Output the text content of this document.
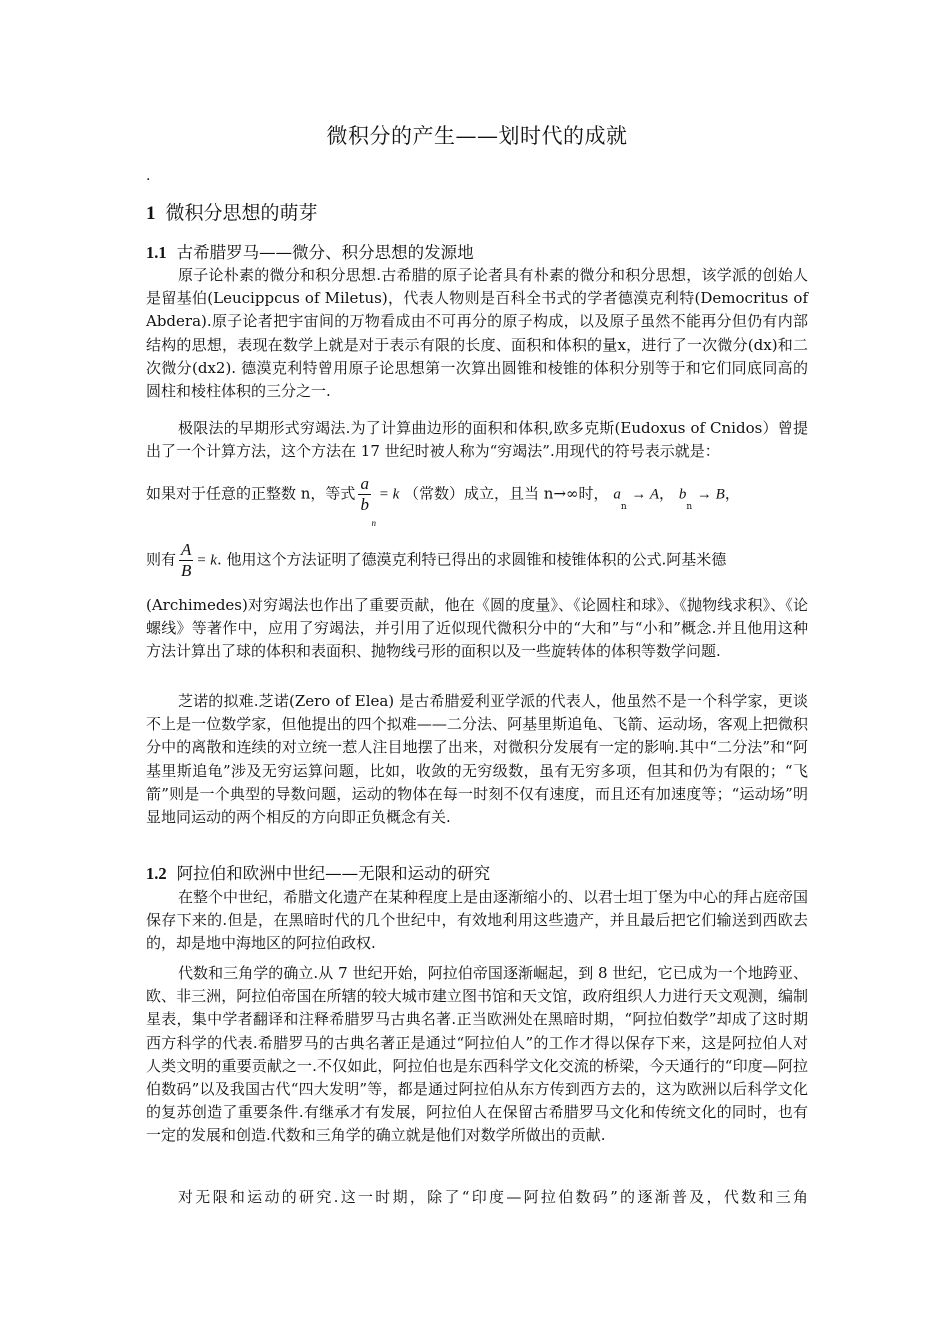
微积分的产生——划时代的成就
.
1 微积分思想的萌芽
1.1 古希腊罗马——微分、积分思想的发源地
原子论朴素的微分和积分思想.古希腊的原子论者具有朴素的微分和积分思想，该学派的创始人是留基伯(Leucippcus of Miletus)，代表人物则是百科全书式的学者德漠克利特(Democritus of Abdera).原子论者把宇宙间的万物看成由不可再分的原子构成，以及原子虽然不能再分但仍有内部结构的思想，表现在数学上就是对于表示有限的长度、面积和体积的量x，进行了一次微分(dx)和二次微分(dx2). 德漠克利特曾用原子论思想第一次算出圆锥和棱锥的体积分别等于和它们同底同高的圆柱和棱柱体积的三分之一.
极限法的早期形式穷竭法.为了计算曲边形的面积和体积,欧多克斯(Eudoxus of Cnidos）曾提出了一个计算方法，这个方法在 17 世纪时被人称为“穷竭法”.用现代的符号表示就是：
如果对于任意的正整数 n，等式
a
b
n
= k （常数）成立，且当 n→∞时， $a_n \to A$， $b_n \to B$，
则有 $\frac{A}{B} = k$. 他用这个方法证明了德漠克利特已得出的求圆锥和棱锥体积的公式.阿基米德
(Archimedes)对穷竭法也作出了重要贡献，他在《圆的度量》、《论圆柱和球》、《抛物线求积》、《论螺线》等著作中，应用了穷竭法，并引用了近似现代微积分中的“大和”与“小和”概念.并且他用这种方法计算出了球的体积和表面积、抛物线弓形的面积以及一些旋转体的体积等数学问题.
芝诺的拟难.芝诺(Zero of Elea) 是古希腊爱利亚学派的代表人，他虽然不是一个科学家，更谈不上是一位数学家，但他提出的四个拟难——二分法、阿基里斯追龟、飞箭、运动场，客观上把微积分中的离散和连续的对立统一惹人注目地摆了出来，对微积分发展有一定的影响.其中“二分法”和“阿基里斯追龟”涉及无穷运算问题，比如，收敛的无穷级数，虽有无穷多项，但其和仍为有限的；“飞箭”则是一个典型的导数问题，运动的物体在每一时刻不仅有速度，而且还有加速度等；“运动场”明显地同运动的两个相反的方向即正负概念有关.
1.2 阿拉伯和欧洲中世纪——无限和运动的研究
在整个中世纪，希腊文化遗产在某种程度上是由逐渐缩小的、以君士坦丁堡为中心的拜占庭帝国保存下来的.但是，在黑暗时代的几个世纪中，有效地利用这些遗产，并且最后把它们输送到西欧去的，却是地中海地区的阿拉伯政权.
代数和三角学的确立.从 7 世纪开始，阿拉伯帝国逐渐崛起，到 8 世纪，它已成为一个地跨亚、欧、非三洲，阿拉伯帝国在所辖的较大城市建立图书馆和天文馆，政府组织人力进行天文观测，编制星表，集中学者翻译和注释希腊罗马古典名著.正当欧洲处在黑暗时期，“阿拉伯数学”却成了这时期西方科学的代表.希腊罗马的古典名著正是通过“阿拉伯人”的工作才得以保存下来，这是阿拉伯人对人类文明的重要贡献之一.不仅如此，阿拉伯也是东西科学文化交流的桥梁，今天通行的“印度—阿拉伯数码”以及我国古代“四大发明”等，都是通过阿拉伯从东方传到西方去的，这为欧洲以后科学文化的复苏创造了重要条件.有继承才有发展，阿拉伯人在保留古希腊罗马文化和传统文化的同时，也有一定的发展和创造.代数和三角学的确立就是他们对数学所做出的贡献.
对无限和运动的研究.这一时期，除了“印度—阿拉伯数码”的逐渐普及，代数和三角
